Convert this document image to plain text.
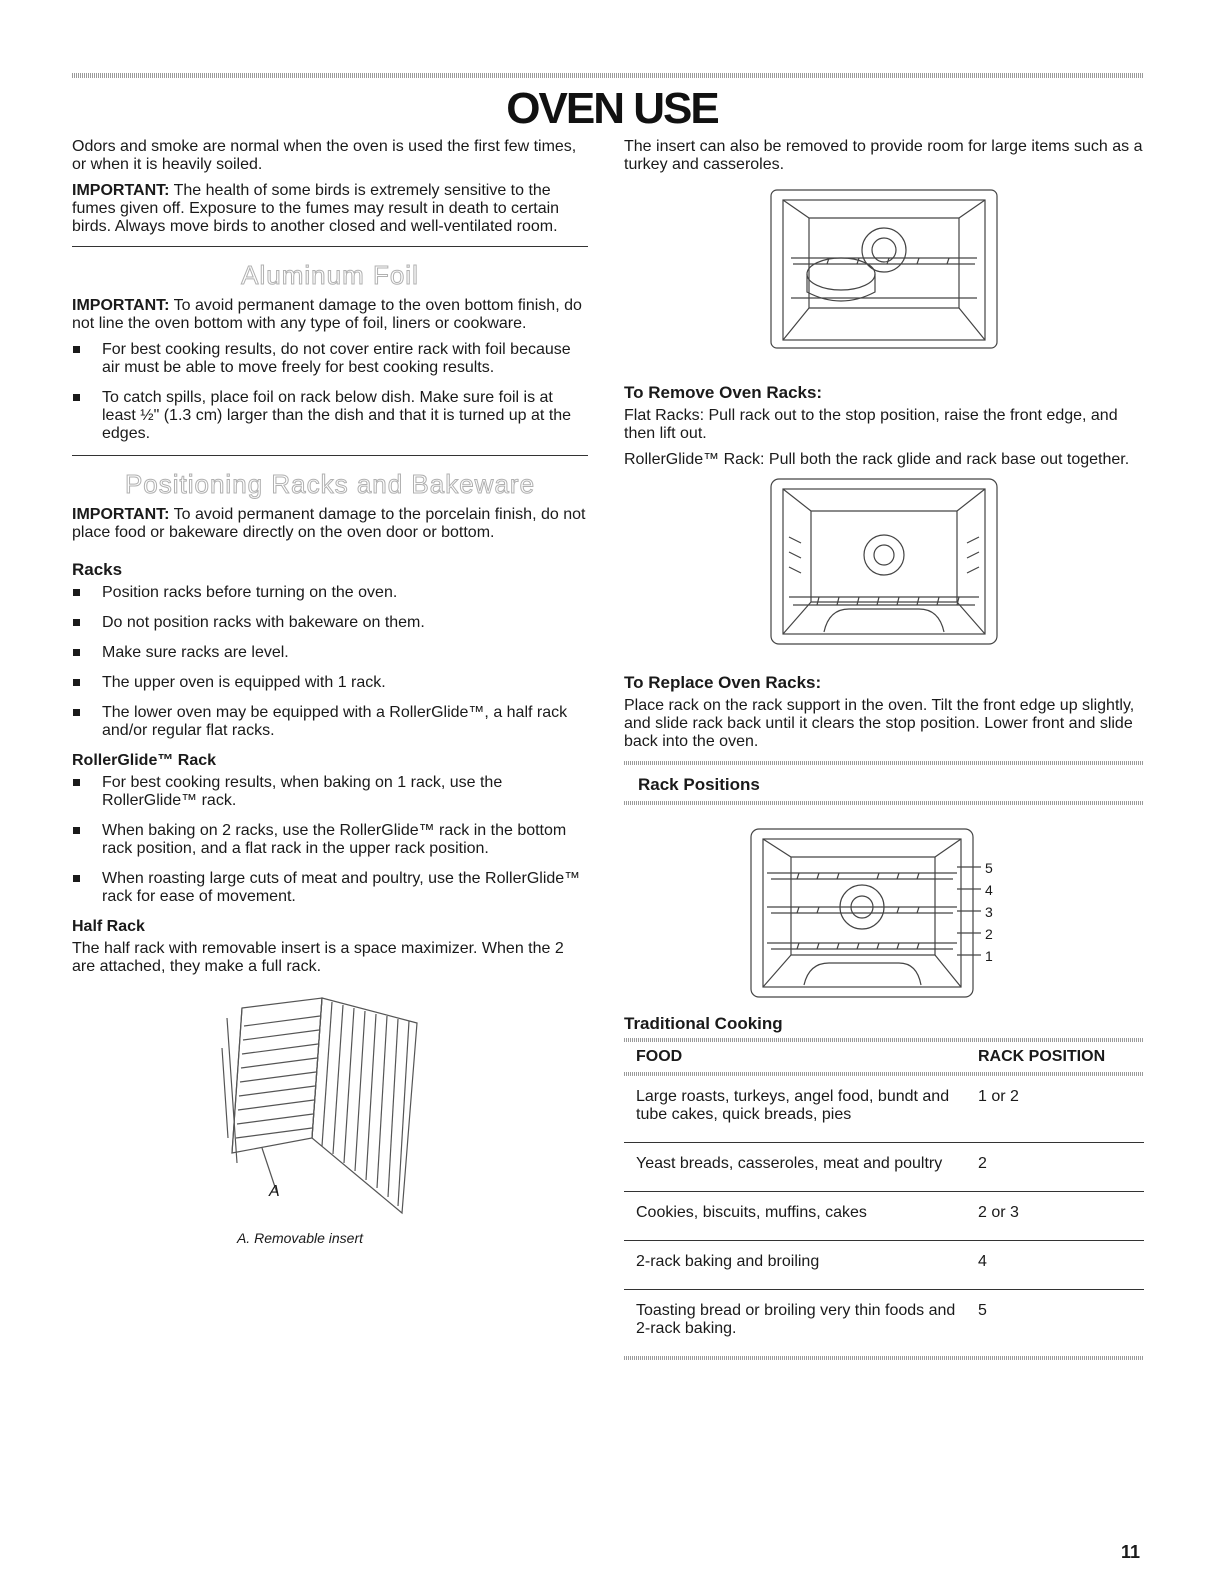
OVEN USE

Odors and smoke are normal when the oven is used the first few times, or when it is heavily soiled.

IMPORTANT: The health of some birds is extremely sensitive to the fumes given off. Exposure to the fumes may result in death to certain birds. Always move birds to another closed and well-ventilated room.

Aluminum Foil

IMPORTANT: To avoid permanent damage to the oven bottom finish, do not line the oven bottom with any type of foil, liners or cookware.

For best cooking results, do not cover entire rack with foil because air must be able to move freely for best cooking results.
To catch spills, place foil on rack below dish. Make sure foil is at least ½" (1.3 cm) larger than the dish and that it is turned up at the edges.
Positioning Racks and Bakeware

IMPORTANT: To avoid permanent damage to the porcelain finish, do not place food or bakeware directly on the oven door or bottom.

Racks
Position racks before turning on the oven.
Do not position racks with bakeware on them.
Make sure racks are level.
The upper oven is equipped with 1 rack.
The lower oven may be equipped with a RollerGlide™, a half rack and/or regular flat racks.
RollerGlide™ Rack
For best cooking results, when baking on 1 rack, use the RollerGlide™ rack.
When baking on 2 racks, use the RollerGlide™ rack in the bottom rack position, and a flat rack in the upper rack position.
When roasting large cuts of meat and poultry, use the RollerGlide™ rack for ease of movement.
Half Rack

The half rack with removable insert is a space maximizer. When the 2 are attached, they make a full rack.

A
A. Removable insert

The insert can also be removed to provide room for large items such as a turkey and casseroles.

To Remove Oven Racks:

Flat Racks: Pull rack out to the stop position, raise the front edge, and then lift out.

RollerGlide™ Rack: Pull both the rack glide and rack base out together.

To Replace Oven Racks:

Place rack on the rack support in the oven. Tilt the front edge up slightly, and slide rack back until it clears the stop position. Lower front and slide back into the oven.

Rack Positions
5
4
3
2
1
Traditional Cooking
FOOD	RACK POSITION

Large roasts, turkeys, angel food, bundt and tube cakes, quick breads, pies	1 or 2
Yeast breads, casseroles, meat and poultry	2
Cookies, biscuits, muffins, cakes	2 or 3
2-rack baking and broiling	4
Toasting bread or broiling very thin foods and 2-rack baking.	5
11
